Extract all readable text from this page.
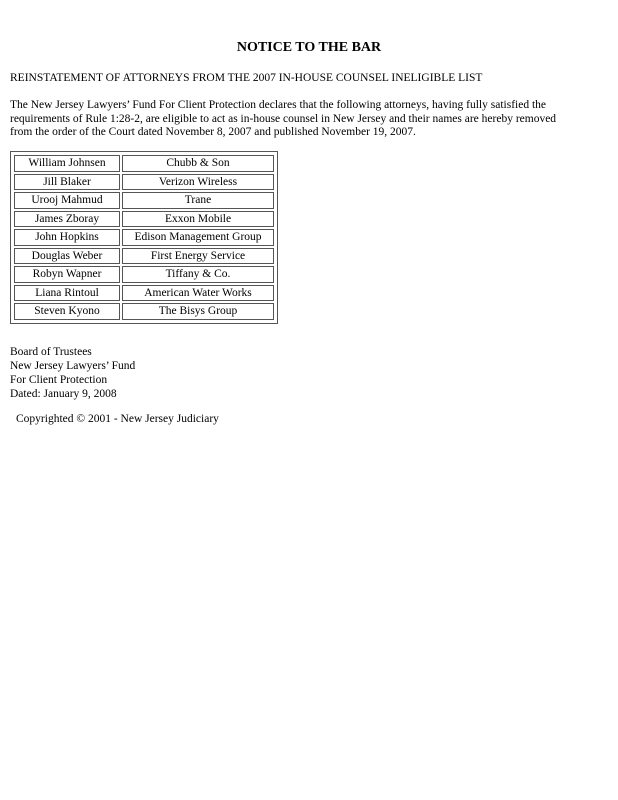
NOTICE TO THE BAR
REINSTATEMENT OF ATTORNEYS FROM THE 2007 IN-HOUSE COUNSEL INELIGIBLE LIST
The New Jersey Lawyers’ Fund For Client Protection declares that the following attorneys, having fully satisfied the
requirements of Rule 1:28-2, are eligible to act as in-house counsel in New Jersey and their names are hereby removed
from the order of the Court dated November 8, 2007 and published November 19, 2007.
William Johnsen	Chubb & Son
Jill Blaker	Verizon Wireless
Urooj Mahmud	Trane
James Zboray	Exxon Mobile
John Hopkins	Edison Management Group
Douglas Weber	First Energy Service
Robyn Wapner	Tiffany & Co.
Liana Rintoul	American Water Works
Steven Kyono	The Bisys Group
Board of Trustees
New Jersey Lawyers’ Fund
For Client Protection
Dated: January 9, 2008
Copyrighted © 2001 - New Jersey Judiciary
